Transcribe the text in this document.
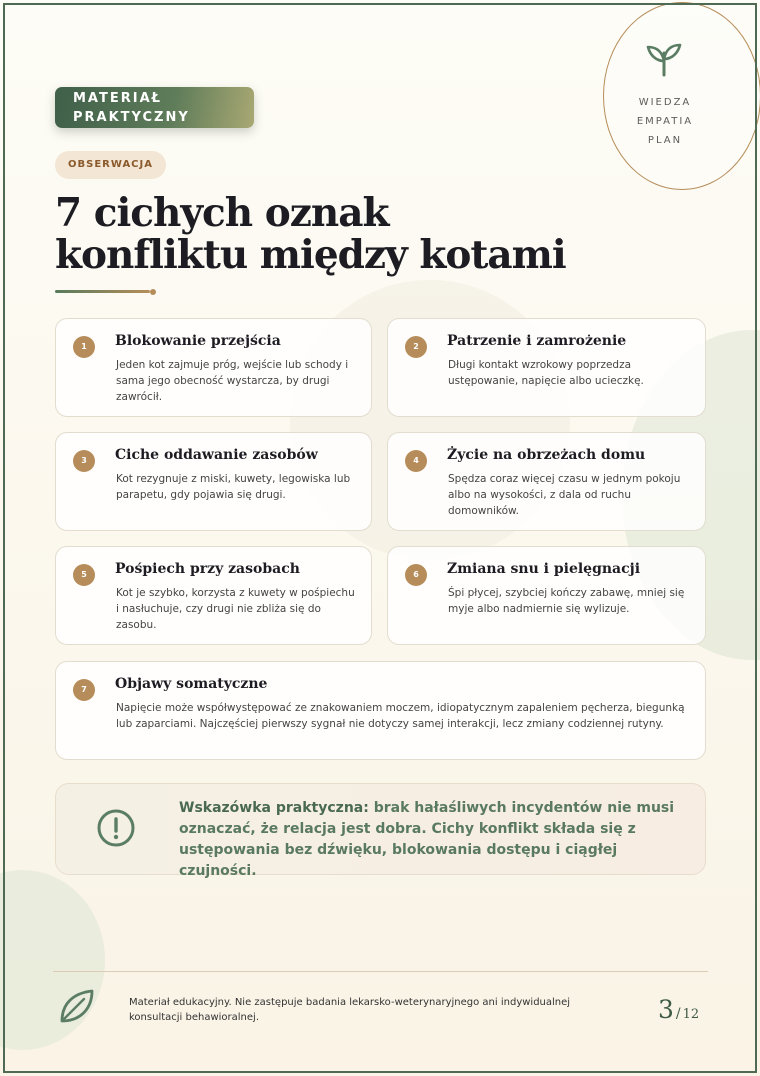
WIEDZA
EMPATIA
PLAN
MATERIAŁ PRAKTYCZNY
OBSERWACJA
7 cichych oznak
konfliktu między kotami
1	Blokowanie przejścia
Jeden kot zajmuje próg, wejście lub schody i sama jego obecność wystarcza, by drugi zawrócił.
2	Patrzenie i zamrożenie
Długi kontakt wzrokowy poprzedza ustępowanie, napięcie albo ucieczkę.
3	Ciche oddawanie zasobów
Kot rezygnuje z miski, kuwety, legowiska lub parapetu, gdy pojawia się drugi.
4	Życie na obrzeżach domu
Spędza coraz więcej czasu w jednym pokoju albo na wysokości, z dala od ruchu domowników.
5	Pośpiech przy zasobach
Kot je szybko, korzysta z kuwety w pośpiechu i nasłuchuje, czy drugi nie zbliża się do zasobu.
6	Zmiana snu i pielęgnacji
Śpi płycej, szybciej kończy zabawę, mniej się myje albo nadmiernie się wylizuje.
7	Objawy somatyczne
Napięcie może współwystępować ze znakowaniem moczem, idiopatycznym zapaleniem pęcherza, biegunką lub zaparciami. Najczęściej pierwszy sygnał nie dotyczy samej interakcji, lecz zmiany codziennej rutyny.
Wskazówka praktyczna: brak hałaśliwych incydentów nie musi oznaczać, że relacja jest dobra. Cichy konflikt składa się z ustępowania bez dźwięku, blokowania dostępu i ciągłej czujności.
Materiał edukacyjny. Nie zastępuje badania lekarsko-weterynaryjnego ani indywidualnej konsultacji behawioralnej.	3 / 12
